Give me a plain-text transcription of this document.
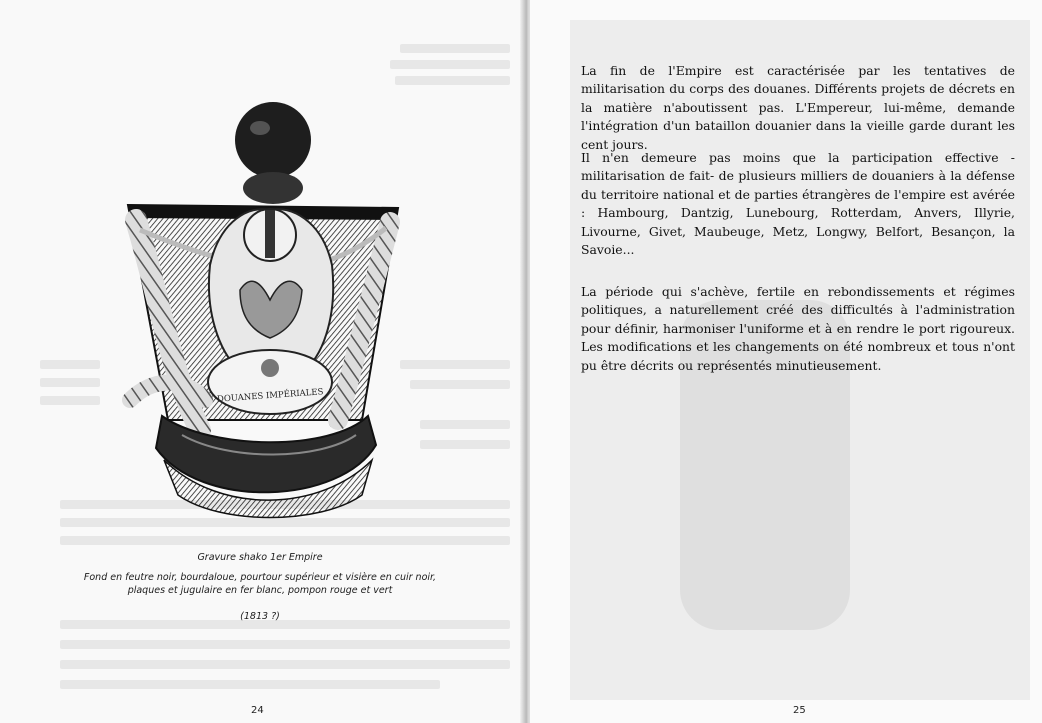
DOUANES IMPÉRIALES
Gravure shako 1er Empire
Fond en feutre noir, bourdaloue, pourtour supérieur et visière en cuir noir, plaques et jugulaire en fer blanc, pompon rouge et vert
(1813 ?)
24

La fin de l'Empire est caractérisée par les tentatives de militarisation du corps des douanes. Différents projets de décrets en la matière n'aboutissent pas. L'Empereur, lui-même, demande l'intégration d'un bataillon douanier dans la vieille garde durant les cent jours.

Il n'en demeure pas moins que la participation effective -militarisation de fait- de plusieurs milliers de douaniers à la défense du territoire national et de parties étrangères de l'empire est avérée : Hambourg, Dantzig, Lunebourg, Rotterdam, Anvers, Illyrie, Livourne, Givet, Maubeuge, Metz, Longwy, Belfort, Besançon, la Savoie...

La période qui s'achève, fertile en rebondissements et régimes politiques, a naturellement créé des difficultés à l'administration pour définir, harmoniser l'uniforme et à en rendre le port rigoureux. Les modifications et les changements on été nombreux et tous n'ont pu être décrits ou représentés minutieusement.

25
